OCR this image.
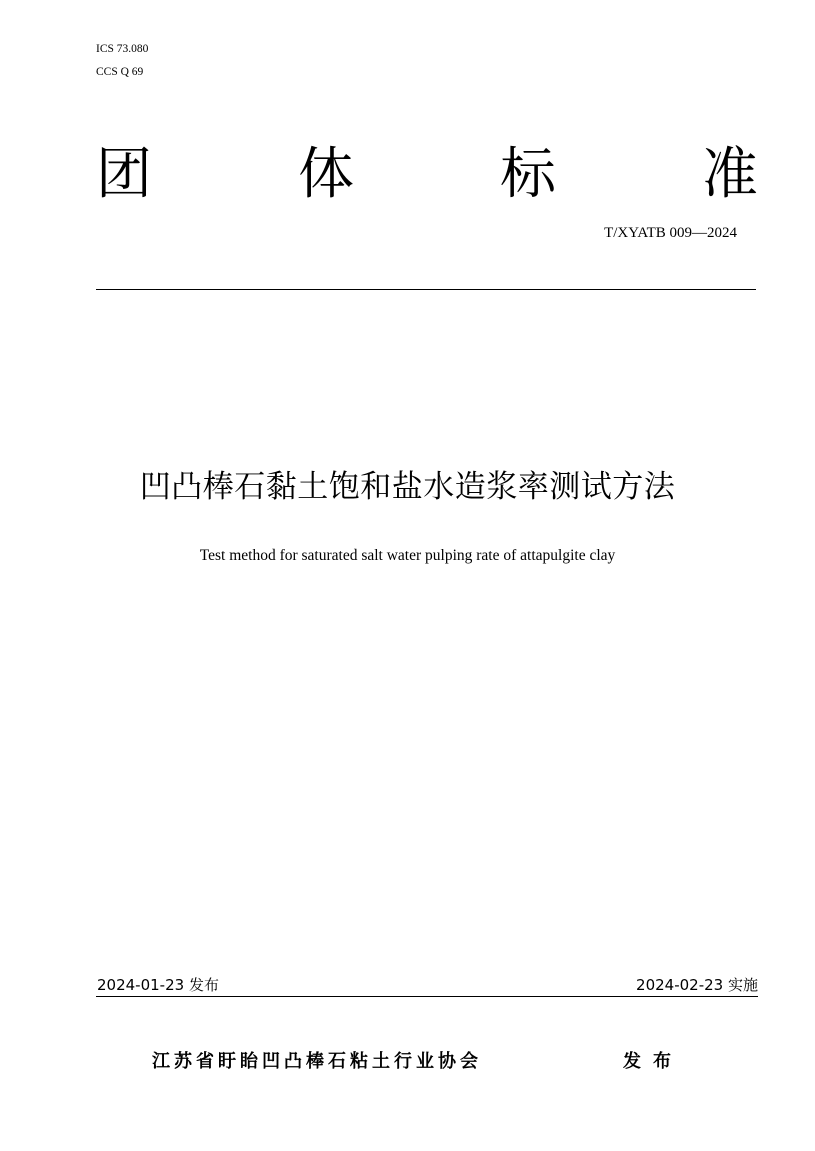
ICS 73.080
CCS Q 69
团	体	标	准
T/XYATB 009—2024
凹凸棒石黏土饱和盐水造浆率测试方法
Test method for saturated salt water pulping rate of attapulgite clay
2024-01-23 发布	2024-02-23 实施
江苏省盱眙凹凸棒石粘土行业协会	发布
